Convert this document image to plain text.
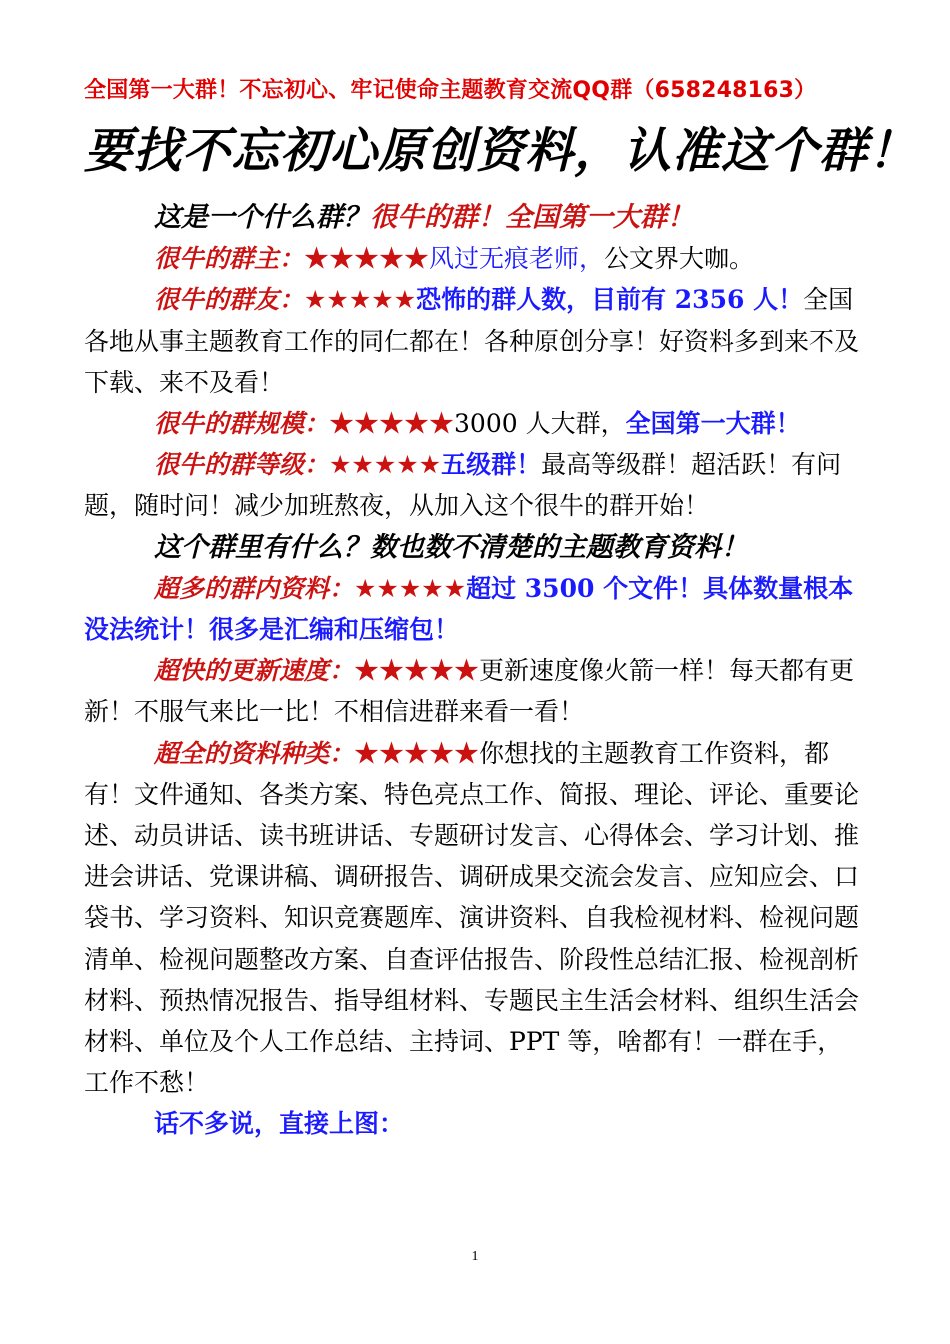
全国第一大群！不忘初心、牢记使命主题教育交流QQ群（658248163）
要找不忘初心原创资料，认准这个群！

这是一个什么群？很牛的群！全国第一大群！

很牛的群主：★★★★★风过无痕老师，公文界大咖。

很牛的群友：★★★★★恐怖的群人数，目前有 2356 人！全国各地从事主题教育工作的同仁都在！各种原创分享！好资料多到来不及下载、来不及看！

很牛的群规模：★★★★★3000 人大群，全国第一大群！

很牛的群等级：★★★★★五级群！最高等级群！超活跃！有问题，随时问！减少加班熬夜，从加入这个很牛的群开始！

这个群里有什么？数也数不清楚的主题教育资料！

超多的群内资料：★★★★★超过 3500 个文件！具体数量根本没法统计！很多是汇编和压缩包！

超快的更新速度：★★★★★更新速度像火箭一样！每天都有更新！不服气来比一比！不相信进群来看一看！

超全的资料种类：★★★★★你想找的主题教育工作资料，都有！文件通知、各类方案、特色亮点工作、简报、理论、评论、重要论述、动员讲话、读书班讲话、专题研讨发言、心得体会、学习计划、推进会讲话、党课讲稿、调研报告、调研成果交流会发言、应知应会、口袋书、学习资料、知识竞赛题库、演讲资料、自我检视材料、检视问题清单、检视问题整改方案、自查评估报告、阶段性总结汇报、检视剖析材料、预热情况报告、指导组材料、专题民主生活会材料、组织生活会材料、单位及个人工作总结、主持词、PPT 等，啥都有！一群在手，工作不愁！

话不多说，直接上图：

1
